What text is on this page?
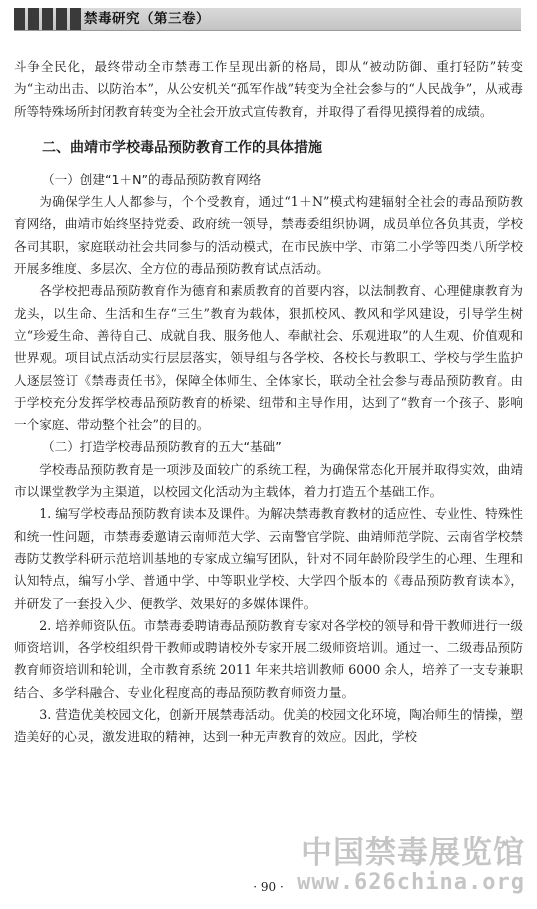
禁毒研究（第三卷）

斗争全民化，最终带动全市禁毒工作呈现出新的格局，即从“被动防御、重打轻防”转变为“主动出击、以防治本”，从公安机关“孤军作战”转变为全社会参与的“人民战争”，从戒毒所等特殊场所封闭教育转变为全社会开放式宣传教育，并取得了看得见摸得着的成绩。

二、曲靖市学校毒品预防教育工作的具体措施

（一）创建“1＋N”的毒品预防教育网络

为确保学生人人都参与，个个受教育，通过“1＋N”模式构建辐射全社会的毒品预防教育网络，曲靖市始终坚持党委、政府统一领导，禁毒委组织协调，成员单位各负其责，学校各司其职，家庭联动社会共同参与的活动模式，在市民族中学、市第二小学等四类八所学校开展多维度、多层次、全方位的毒品预防教育试点活动。

各学校把毒品预防教育作为德育和素质教育的首要内容，以法制教育、心理健康教育为龙头，以生命、生活和生存“三生”教育为载体，狠抓校风、教风和学风建设，引导学生树立“珍爱生命、善待自己、成就自我、服务他人、奉献社会、乐观进取”的人生观、价值观和世界观。项目试点活动实行层层落实，领导组与各学校、各校长与教职工、学校与学生监护人逐层签订《禁毒责任书》，保障全体师生、全体家长，联动全社会参与毒品预防教育。由于学校充分发挥学校毒品预防教育的桥梁、纽带和主导作用，达到了“教育一个孩子、影响一个家庭、带动整个社会”的目的。

（二）打造学校毒品预防教育的五大“基础”

学校毒品预防教育是一项涉及面较广的系统工程，为确保常态化开展并取得实效，曲靖市以课堂教学为主渠道，以校园文化活动为主载体，着力打造五个基础工作。

1. 编写学校毒品预防教育读本及课件。为解决禁毒教育教材的适应性、专业性、特殊性和统一性问题，市禁毒委邀请云南师范大学、云南警官学院、曲靖师范学院、云南省学校禁毒防艾教学科研示范培训基地的专家成立编写团队，针对不同年龄阶段学生的心理、生理和认知特点，编写小学、普通中学、中等职业学校、大学四个版本的《毒品预防教育读本》，并研发了一套投入少、便教学、效果好的多媒体课件。

2. 培养师资队伍。市禁毒委聘请毒品预防教育专家对各学校的领导和骨干教师进行一级师资培训，各学校组织骨干教师或聘请校外专家开展二级师资培训。通过一、二级毒品预防教育师资培训和轮训，全市教育系统 2011 年来共培训教师 6000 余人，培养了一支专兼职结合、多学科融合、专业化程度高的毒品预防教育师资力量。

3. 营造优美校园文化，创新开展禁毒活动。优美的校园文化环境，陶冶师生的情操，塑造美好的心灵，激发进取的精神，达到一种无声教育的效应。因此，学校

中国禁毒展览馆
www.626china.org
· 90 ·
